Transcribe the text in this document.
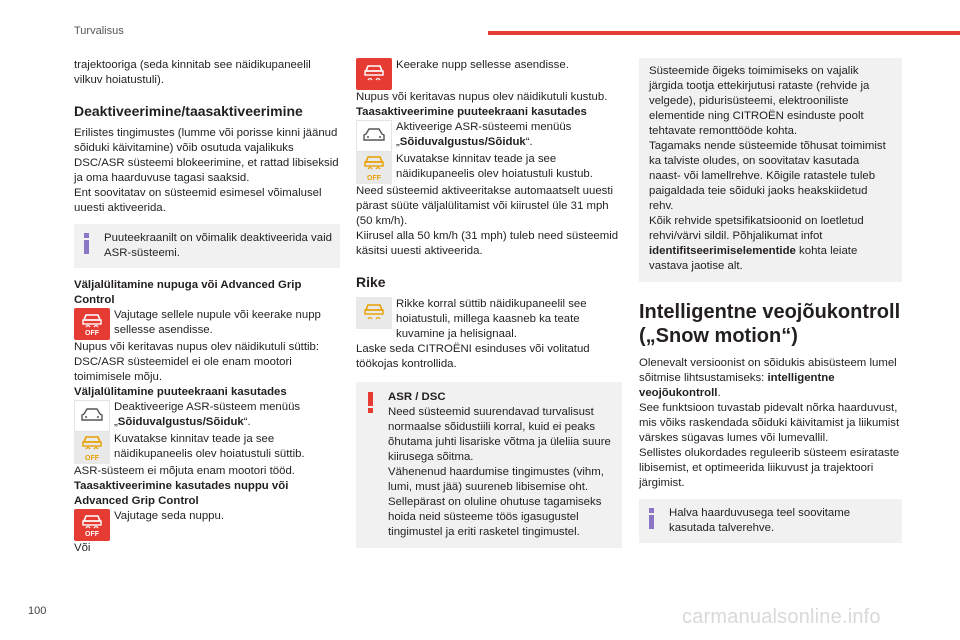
Turvalisus

trajektooriga (seda kinnitab see näidikupaneelil vilkuv hoiatustuli).

Deaktiveerimine/taasaktiveerimine

Erilistes tingimustes (lumme või porisse kinni jäänud sõiduki käivitamine) võib osutuda vajalikuks DSC/ASR süsteemi blokeerimine, et rattad libiseksid ja oma haarduvuse tagasi saaksid.

Ent soovitatav on süsteemid esimesel võimalusel uuesti aktiveerida.

Puuteekraanilt on võimalik deaktiveerida vaid ASR-süsteemi.
Väljalülitamine nupuga või Advanced Grip Control
OFF
Vajutage sellele nupule või keerake nupp sellesse asendisse.

Nupus või keritavas nupus olev näidikutuli süttib: DSC/ASR süsteemidel ei ole enam mootori toimimisele mõju.

Väljalülitamine puuteekraani kasutades
Deaktiveerige ASR-süsteem menüüs „Sõiduvalgustus/Sõiduk“.
OFF
Kuvatakse kinnitav teade ja see näidikupaneelis olev hoiatustuli süttib.

ASR-süsteem ei mõjuta enam mootori tööd.

Taasaktiveerimine kasutades nuppu või Advanced Grip Control
OFF
Vajutage seda nuppu.

Või

Keerake nupp sellesse asendisse.

Nupus või keritavas nupus olev näidikutuli kustub.

Taasaktiveerimine puuteekraani kasutades
Aktiveerige ASR-süsteemi menüüs „Sõiduvalgustus/Sõiduk“.
OFF
Kuvatakse kinnitav teade ja see näidikupaneelis olev hoiatustuli kustub.

Need süsteemid aktiveeritakse automaatselt uuesti pärast süüte väljalülitamist või kiirustel üle 31 mph (50 km/h).

Kiirusel alla 50 km/h (31 mph) tuleb need süsteemid käsitsi uuesti aktiveerida.

Rike
Rikke korral süttib näidikupaneelil see hoiatustuli, millega kaasneb ka teate kuvamine ja helisignaal.

Laske seda CITROËNI esinduses või volitatud töökojas kontrollida.

ASR / DSC

Need süsteemid suurendavad turvalisust normaalse sõidustiili korral, kuid ei peaks õhutama juhti lisariske võtma ja üleliia suure kiirusega sõitma.

Vähenenud haardumise tingimustes (vihm, lumi, must jää) suureneb libisemise oht. Sellepärast on oluline ohutuse tagamiseks hoida neid süsteeme töös igasugustel tingimustel ja eriti rasketel tingimustel.

Süsteemide õigeks toimimiseks on vajalik järgida tootja ettekirjutusi rataste (rehvide ja velgede), pidurisüsteemi, elektrooniliste elementide ning CITROËN esinduste poolt tehtavate remonttööde kohta.

Tagamaks nende süsteemide tõhusat toimimist ka talviste oludes, on soovitatav kasutada naast- või lamellrehve. Kõigile ratastele tuleb paigaldada teie sõiduki jaoks heakskiidetud rehv.

Kõik rehvide spetsifikatsioonid on loetletud rehvi/värvi sildil. Põhjalikumat infot identifitseerimiselementide kohta leiate vastava jaotise alt.

Intelligentne veojõukontroll („Snow motion“)

Olenevalt versioonist on sõidukis abisüsteem lumel sõitmise lihtsustamiseks: intelligentne veojõukontroll.

See funktsioon tuvastab pidevalt nõrka haarduvust, mis võiks raskendada sõiduki käivitamist ja liikumist värskes sügavas lumes või lumevallil.

Sellistes olukordades reguleerib süsteem esirataste libisemist, et optimeerida liikuvust ja trajektoori järgimist.

Halva haarduvusega teel soovitame kasutada talverehve.
100	carmanualsonline.info
